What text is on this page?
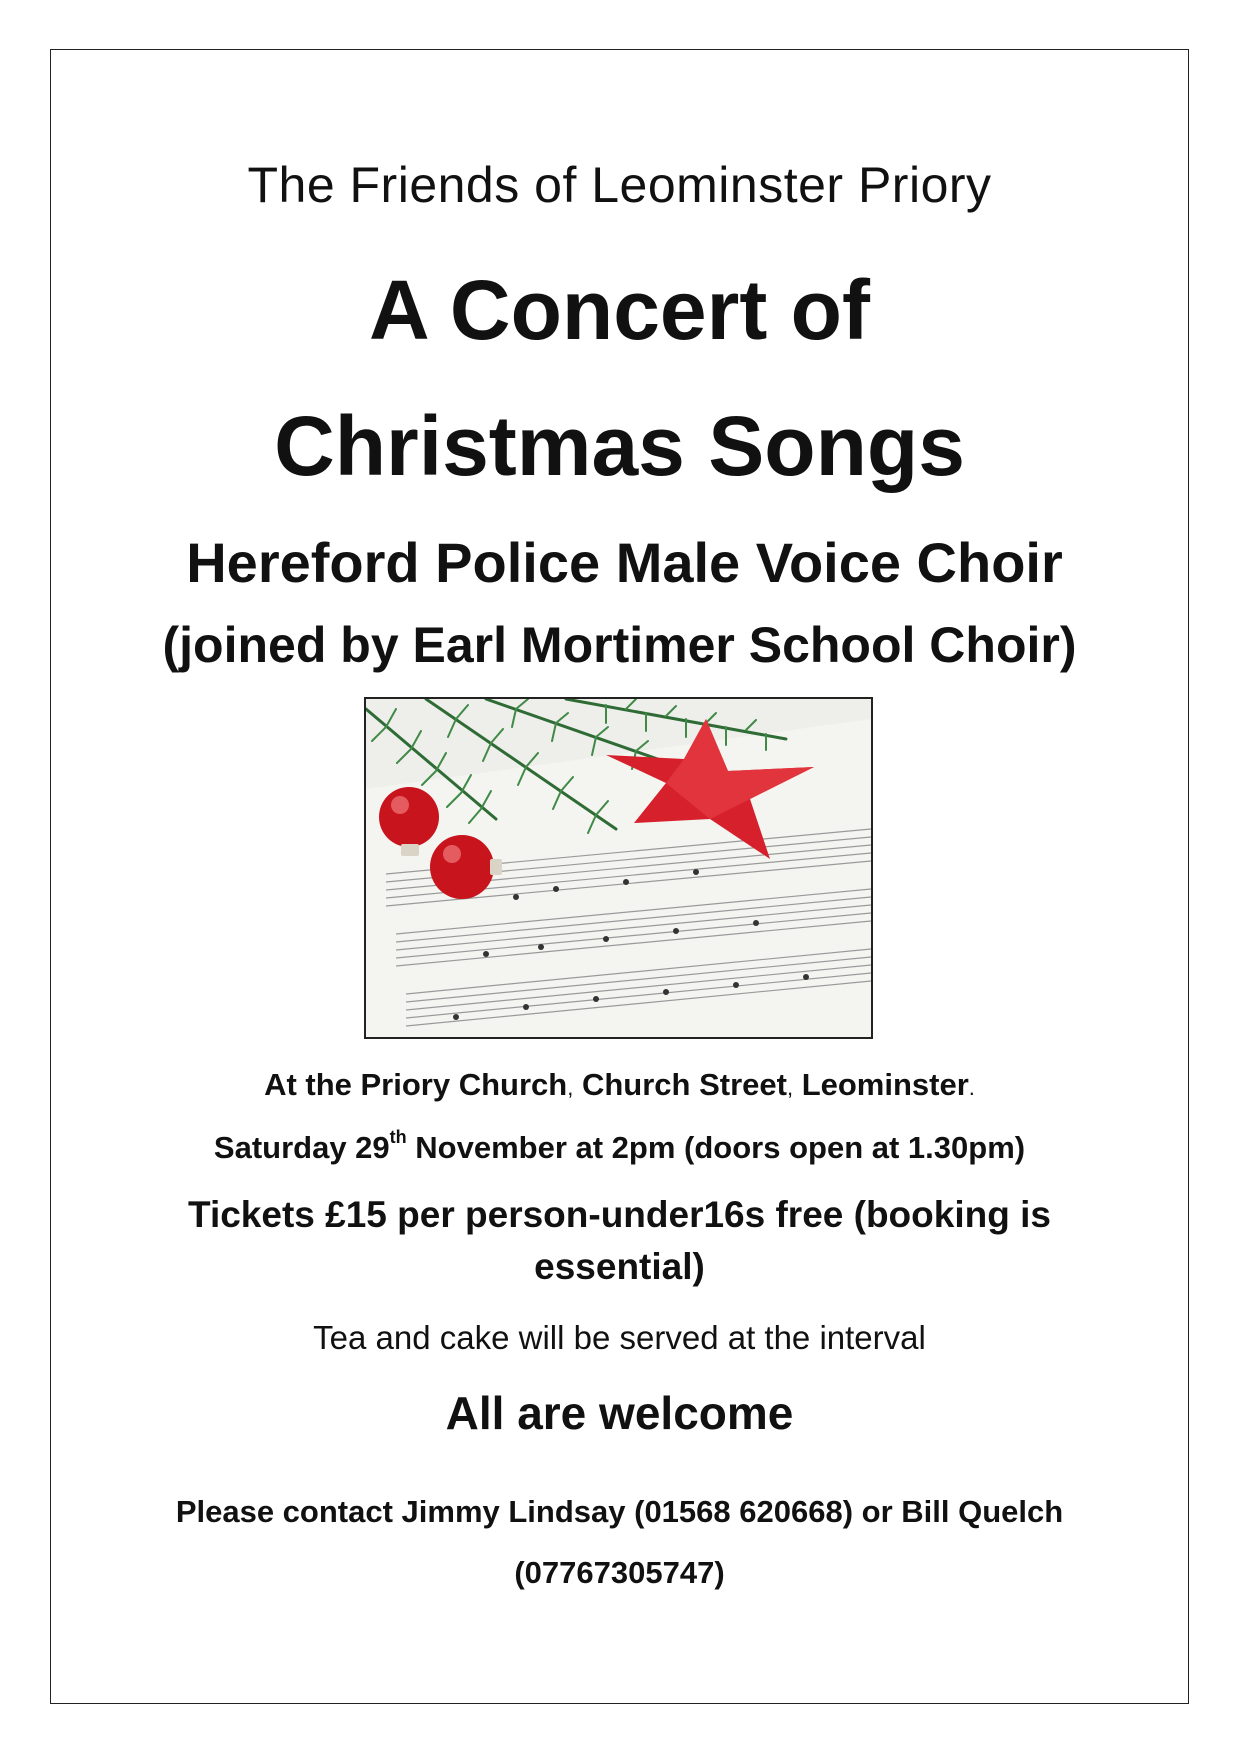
The Friends of Leominster Priory
A Concert of
Christmas Songs
Hereford Police Male Voice Choir
(joined by Earl Mortimer School Choir)
At the Priory Church, Church Street, Leominster.
Saturday 29th November at 2pm (doors open at 1.30pm)
Tickets £15 per person-under16s free (booking is
essential)
Tea and cake will be served at the interval
All are welcome
Please contact Jimmy Lindsay (01568 620668) or Bill Quelch
(07767305747)
